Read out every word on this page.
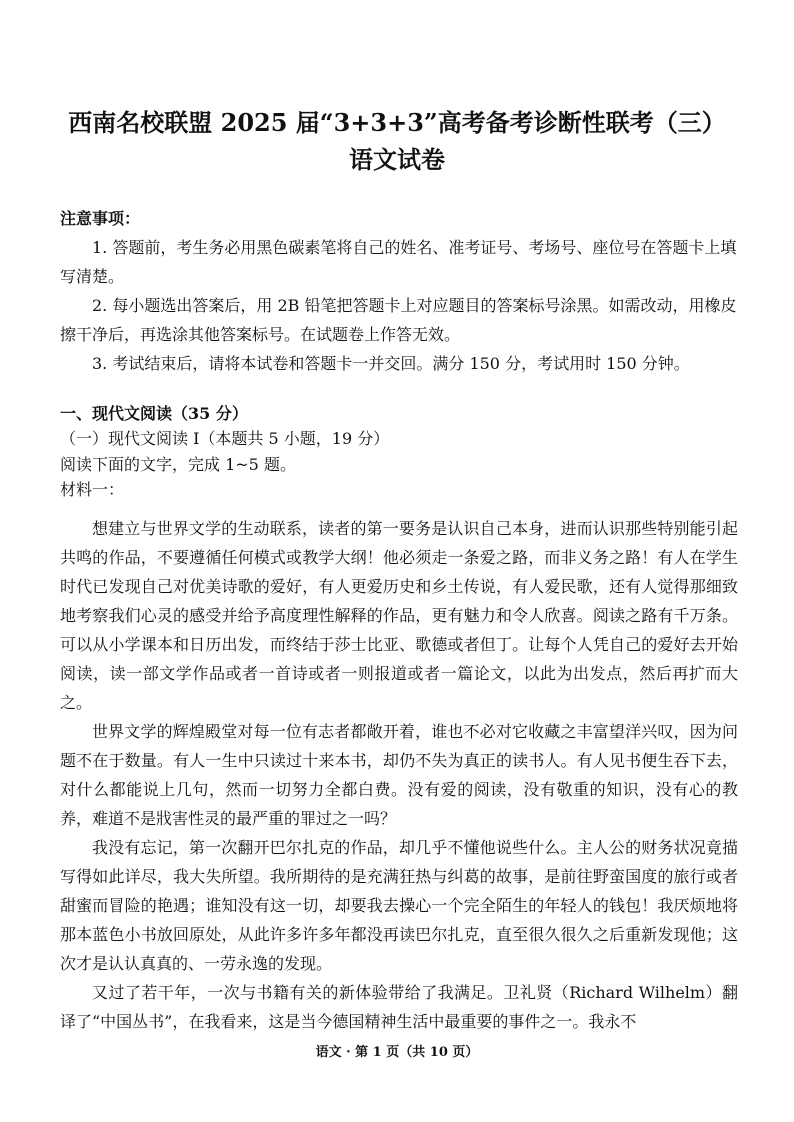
西南名校联盟 2025 届“3+3+3”高考备考诊断性联考（三）
语文试卷
注意事项：

1. 答题前，考生务必用黑色碳素笔将自己的姓名、准考证号、考场号、座位号在答题卡上填写清楚。

2. 每小题选出答案后，用 2B 铅笔把答题卡上对应题目的答案标号涂黑。如需改动，用橡皮擦干净后，再选涂其他答案标号。在试题卷上作答无效。

3. 考试结束后，请将本试卷和答题卡一并交回。满分 150 分，考试用时 150 分钟。

一、现代文阅读（35 分）
（一）现代文阅读 I（本题共 5 小题，19 分）
阅读下面的文字，完成 1~5 题。
材料一：

想建立与世界文学的生动联系，读者的第一要务是认识自己本身，进而认识那些特别能引起共鸣的作品，不要遵循任何模式或教学大纲！他必须走一条爱之路，而非义务之路！有人在学生时代已发现自己对优美诗歌的爱好，有人更爱历史和乡土传说，有人爱民歌，还有人觉得那细致地考察我们心灵的感受并给予高度理性解释的作品，更有魅力和令人欣喜。阅读之路有千万条。可以从小学课本和日历出发，而终结于莎士比亚、歌德或者但丁。让每个人凭自己的爱好去开始阅读，读一部文学作品或者一首诗或者一则报道或者一篇论文，以此为出发点，然后再扩而大之。

世界文学的辉煌殿堂对每一位有志者都敞开着，谁也不必对它收藏之丰富望洋兴叹，因为问题不在于数量。有人一生中只读过十来本书，却仍不失为真正的读书人。有人见书便生吞下去，对什么都能说上几句，然而一切努力全都白费。没有爱的阅读，没有敬重的知识，没有心的教养，难道不是戕害性灵的最严重的罪过之一吗？

我没有忘记，第一次翻开巴尔扎克的作品，却几乎不懂他说些什么。主人公的财务状况竟描写得如此详尽，我大失所望。我所期待的是充满狂热与纠葛的故事，是前往野蛮国度的旅行或者甜蜜而冒险的艳遇；谁知没有这一切，却要我去操心一个完全陌生的年轻人的钱包！我厌烦地将那本蓝色小书放回原处，从此许多许多年都没再读巴尔扎克，直至很久很久之后重新发现他；这次才是认认真真的、一劳永逸的发现。

又过了若干年，一次与书籍有关的新体验带给了我满足。卫礼贤（Richard Wilhelm）翻译了“中国丛书”，在我看来，这是当今德国精神生活中最重要的事件之一。我永不

语文 · 第 1 页（共 10 页）
